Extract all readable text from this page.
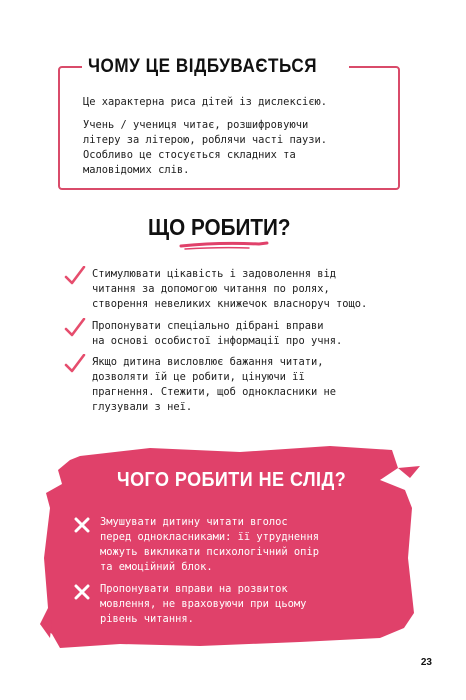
ЧОМУ ЦЕ ВІДБУВАЄТЬСЯ
Це характерна риса дітей із дислексією.
Учень / учениця читає, розшифровуючи
літеру за літерою, роблячи часті паузи.
Особливо це стосується складних та
маловідомих слів.
ЩО РОБИТИ?
Стимулювати цікавість і задоволення від
читання за допомогою читання по ролях,
створення невеликих книжечок власноруч тощо.
Пропонувати спеціально дібрані вправи
на основі особистої інформації про учня.
Якщо дитина висловлює бажання читати,
дозволяти їй це робити, цінуючи її
прагнення. Стежити, щоб однокласники не
глузували з неї.
ЧОГО РОБИТИ НЕ СЛІД?
Змушувати дитину читати вголос
перед однокласниками: її утруднення
можуть викликати психологічний опір
та емоційний блок.
Пропонувати вправи на розвиток
мовлення, не враховуючи при цьому
рівень читання.
23
